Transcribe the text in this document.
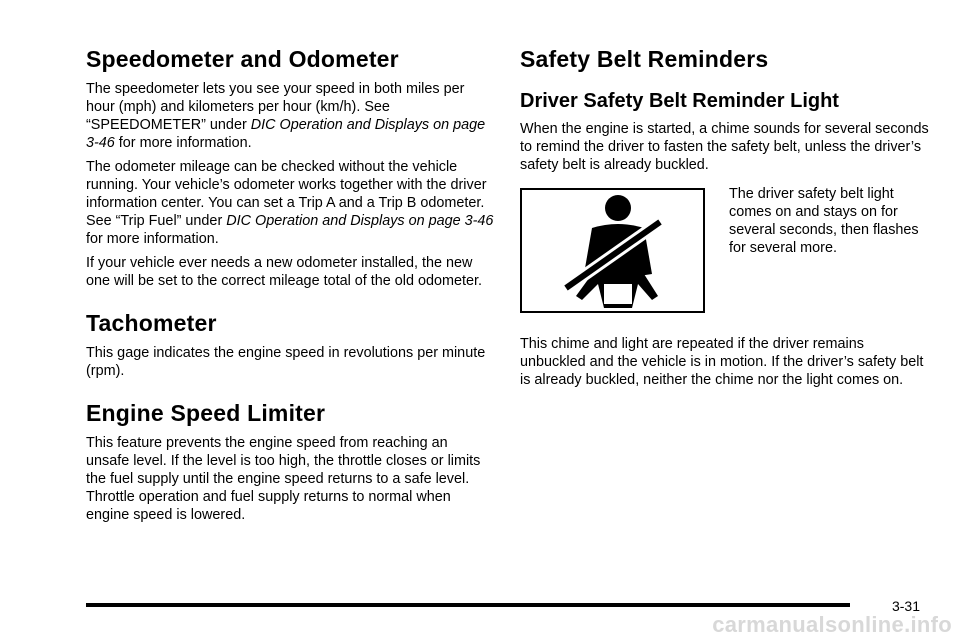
Speedometer and Odometer

The speedometer lets you see your speed in both miles per hour (mph) and kilometers per hour (km/h). See “SPEEDOMETER” under DIC Operation and Displays on page 3-46 for more information.

The odometer mileage can be checked without the vehicle running. Your vehicle’s odometer works together with the driver information center. You can set a Trip A and a Trip B odometer. See “Trip Fuel” under DIC Operation and Displays on page 3-46 for more information.

If your vehicle ever needs a new odometer installed, the new one will be set to the correct mileage total of the old odometer.

Tachometer

This gage indicates the engine speed in revolutions per minute (rpm).

Engine Speed Limiter

This feature prevents the engine speed from reaching an unsafe level. If the level is too high, the throttle closes or limits the fuel supply until the engine speed returns to a safe level. Throttle operation and fuel supply returns to normal when engine speed is lowered.

Safety Belt Reminders
Driver Safety Belt Reminder Light

When the engine is started, a chime sounds for several seconds to remind the driver to fasten the safety belt, unless the driver’s safety belt is already buckled.

The driver safety belt light comes on and stays on for several seconds, then flashes for several more.

This chime and light are repeated if the driver remains unbuckled and the vehicle is in motion. If the driver’s safety belt is already buckled, neither the chime nor the light comes on.

3-31
carmanualsonline.info
